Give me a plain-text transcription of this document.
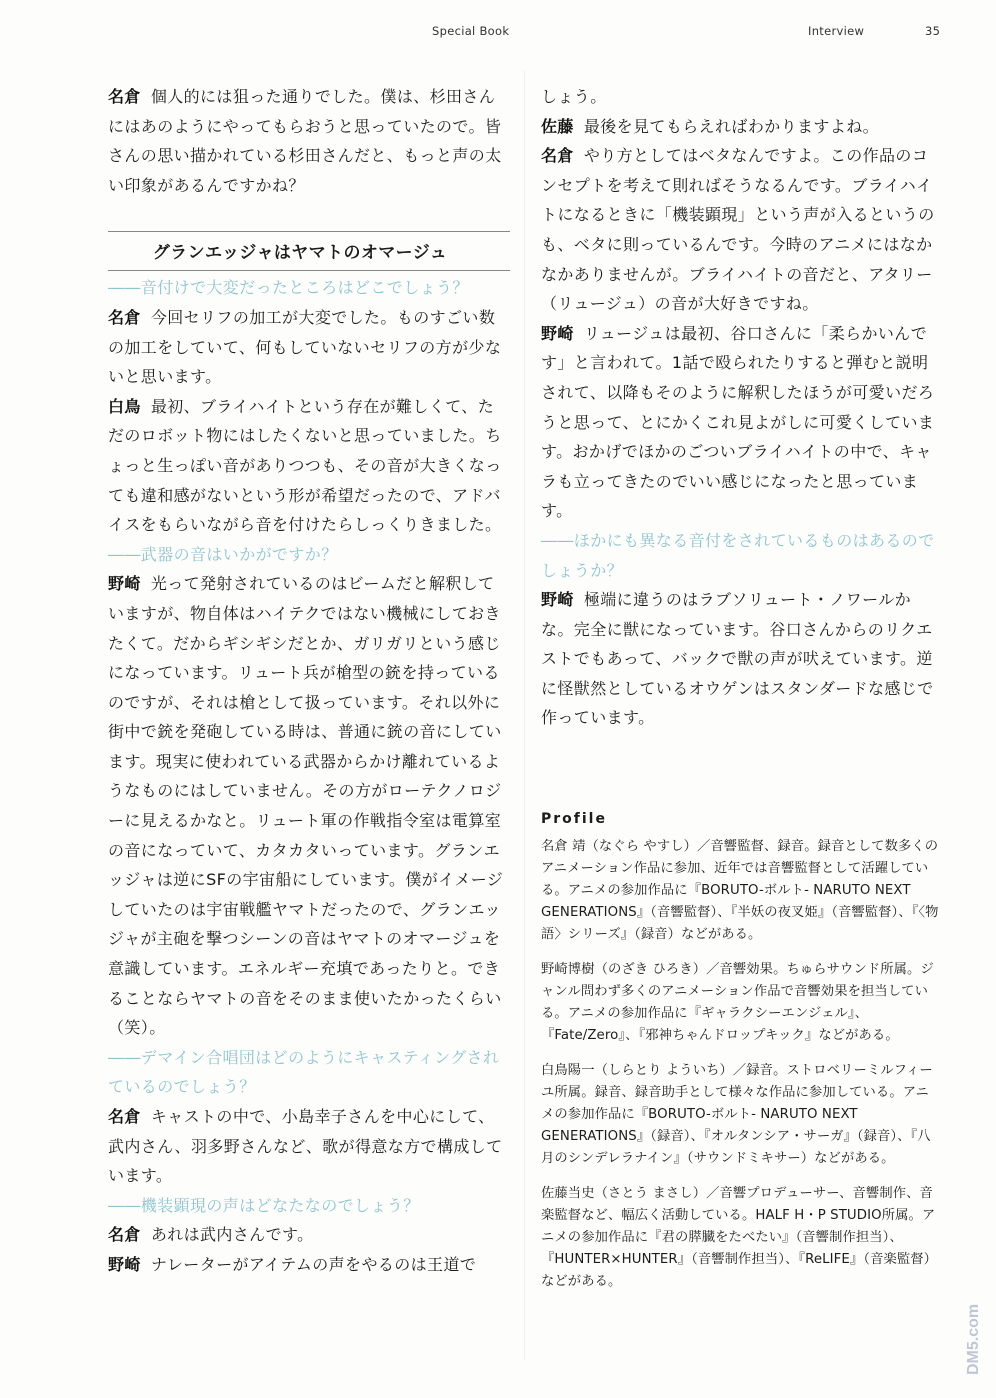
Special Book	Interview	35

名倉 個人的には狙った通りでした。僕は、杉田さんにはあのようにやってもらおうと思っていたので。皆さんの思い描かれている杉田さんだと、もっと声の太い印象があるんですかね？

グランエッジャはヤマトのオマージュ

――音付けで大変だったところはどこでしょう？

名倉 今回セリフの加工が大変でした。ものすごい数の加工をしていて、何もしていないセリフの方が少ないと思います。

白鳥 最初、ブライハイトという存在が難しくて、ただのロボット物にはしたくないと思っていました。ちょっと生っぽい音がありつつも、その音が大きくなっても違和感がないという形が希望だったので、アドバイスをもらいながら音を付けたらしっくりきました。

――武器の音はいかがですか？

野崎 光って発射されているのはビームだと解釈していますが、物自体はハイテクではない機械にしておきたくて。だからギシギシだとか、ガリガリという感じになっています。リュート兵が槍型の銃を持っているのですが、それは槍として扱っています。それ以外に街中で銃を発砲している時は、普通に銃の音にしています。現実に使われている武器からかけ離れているようなものにはしていません。その方がローテクノロジーに見えるかなと。リュート軍の作戦指令室は電算室の音になっていて、カタカタいっています。グランエッジャは逆にSFの宇宙船にしています。僕がイメージしていたのは宇宙戦艦ヤマトだったので、グランエッジャが主砲を撃つシーンの音はヤマトのオマージュを意識しています。エネルギー充填であったりと。できることならヤマトの音をそのまま使いたかったくらい（笑）。

――デマイン合唱団はどのようにキャスティングされているのでしょう？

名倉 キャストの中で、小島幸子さんを中心にして、武内さん、羽多野さんなど、歌が得意な方で構成しています。

――機装顕現の声はどなたなのでしょう？

名倉 あれは武内さんです。

野崎 ナレーターがアイテムの声をやるのは王道で

しょう。

佐藤 最後を見てもらえればわかりますよね。

名倉 やり方としてはベタなんですよ。この作品のコンセプトを考えて則ればそうなるんです。ブライハイトになるときに「機装顕現」という声が入るというのも、ベタに則っているんです。今時のアニメにはなかなかありませんが。ブライハイトの音だと、アタリー（リュージュ）の音が大好きですね。

野崎 リュージュは最初、谷口さんに「柔らかいんです」と言われて。1話で殴られたりすると弾むと説明されて、以降もそのように解釈したほうが可愛いだろうと思って、とにかくこれ見よがしに可愛くしています。おかげでほかのごついブライハイトの中で、キャラも立ってきたのでいい感じになったと思っています。

――ほかにも異なる音付をされているものはあるのでしょうか？

野崎 極端に違うのはラブソリュート・ノワールかな。完全に獣になっています。谷口さんからのリクエストでもあって、バックで獣の声が吠えています。逆に怪獣然としているオウゲンはスタンダードな感じで作っています。

Profile

名倉 靖（なぐら やすし）／音響監督、録音。録音として数多くのアニメーション作品に参加、近年では音響監督として活躍している。アニメの参加作品に『BORUTO-ボルト- NARUTO NEXT GENERATIONS』（音響監督）、『半妖の夜叉姫』（音響監督）、『〈物語〉シリーズ』（録音）などがある。

野崎博樹（のざき ひろき）／音響効果。ちゅらサウンド所属。ジャンル問わず多くのアニメーション作品で音響効果を担当している。アニメの参加作品に『ギャラクシーエンジェル』、『Fate/Zero』、『邪神ちゃんドロップキック』などがある。

白鳥陽一（しらとり よういち）／録音。ストロベリーミルフィーユ所属。録音、録音助手として様々な作品に参加している。アニメの参加作品に『BORUTO-ボルト- NARUTO NEXT GENERATIONS』（録音）、『オルタンシア・サーガ』（録音）、『八月のシンデレラナイン』（サウンドミキサー）などがある。

佐藤当史（さとう まさし）／音響プロデューサー、音響制作、音楽監督など、幅広く活動している。HALF H・P STUDIO所属。アニメの参加作品に『君の膵臓をたべたい』（音響制作担当）、『HUNTER×HUNTER』（音響制作担当）、『ReLIFE』（音楽監督）などがある。

DM5.com
